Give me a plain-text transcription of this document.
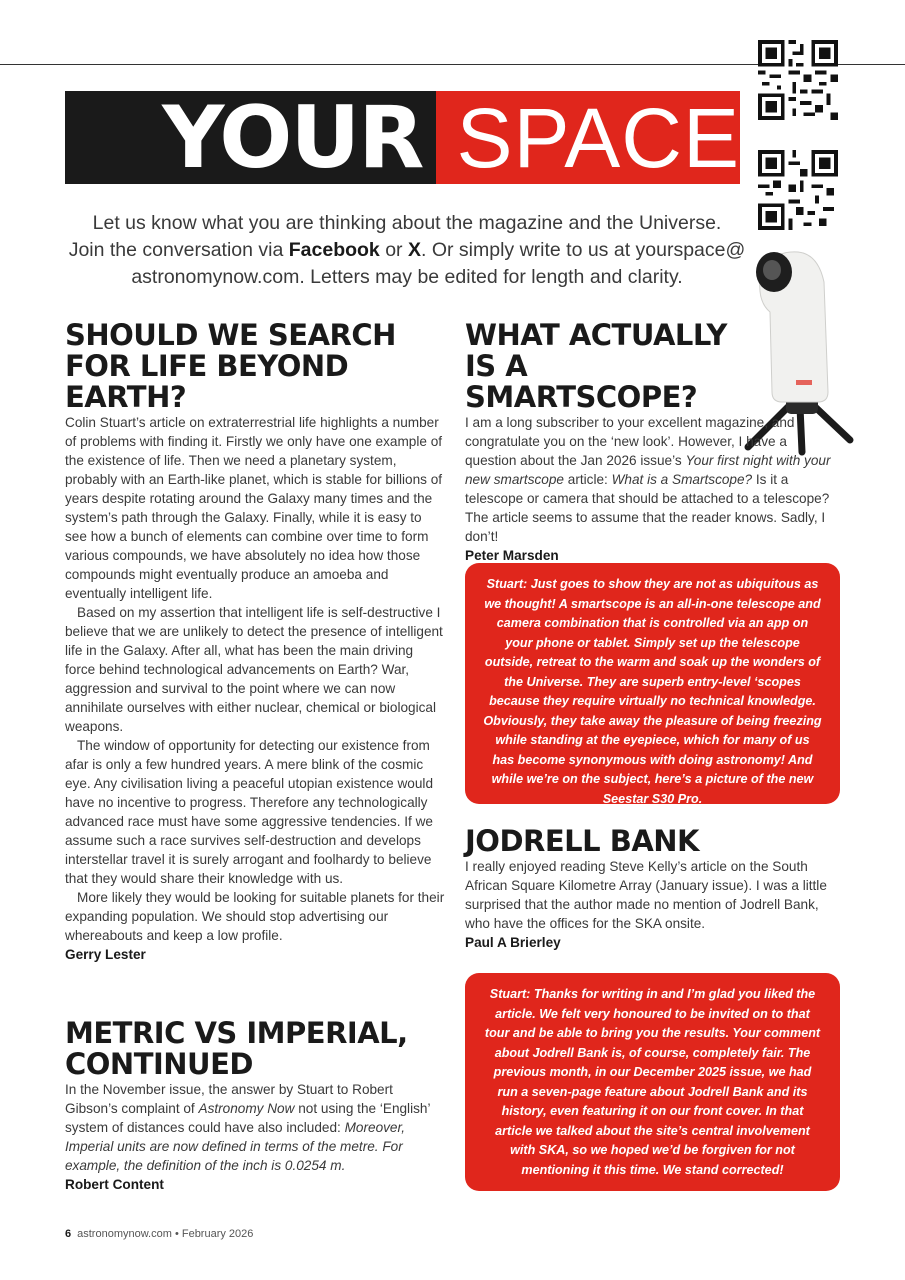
YOUR SPACE
Let us know what you are thinking about the magazine and the Universe.
Join the conversation via Facebook or X. Or simply write to us at yourspace@
astronomynow.com. Letters may be edited for length and clarity.
SHOULD WE SEARCH FOR LIFE BEYOND EARTH?

Colin Stuart’s article on extraterrestrial life highlights a number of problems with finding it. Firstly we only have one example of the existence of life. Then we need a planetary system, probably with an Earth-like planet, which is stable for billions of years despite rotating around the Galaxy many times and the system’s path through the Galaxy. Finally, while it is easy to see how a bunch of elements can combine over time to form various compounds, we have absolutely no idea how those compounds might eventually produce an amoeba and eventually intelligent life.

Based on my assertion that intelligent life is self-destructive I believe that we are unlikely to detect the presence of intelligent life in the Galaxy. After all, what has been the main driving force behind technological advancements on Earth? War, aggression and survival to the point where we can now annihilate ourselves with either nuclear, chemical or biological weapons.

The window of opportunity for detecting our existence from afar is only a few hundred years. A mere blink of the cosmic eye. Any civilisation living a peaceful utopian existence would have no incentive to progress. Therefore any technologically advanced race must have some aggressive tendencies. If we assume such a race survives self-destruction and develops interstellar travel it is surely arrogant and foolhardy to believe that they would share their knowledge with us.

More likely they would be looking for suitable planets for their expanding population. We should stop advertising our whereabouts and keep a low profile.

Gerry Lester

METRIC VS IMPERIAL, CONTINUED

In the November issue, the answer by Stuart to Robert Gibson’s complaint of Astronomy Now not using the ‘English’ system of distances could have also included: Moreover, Imperial units are now defined in terms of the metre. For example, the definition of the inch is 0.0254 m.

Robert Content

WHAT ACTUALLY IS A SMARTSCOPE?

I am a long subscriber to your excellent magazine, and congratulate you on the ‘new look’. However, I have a question about the Jan 2026 issue’s Your first night with your new smartscope article: What is a Smartscope? Is it a telescope or camera that should be attached to a telescope? The article seems to assume that the reader knows. Sadly, I don’t!

Peter Marsden

Stuart: Just goes to show they are not as ubiquitous as we thought! A smartscope is an all-in-one telescope and camera combination that is controlled via an app on your phone or tablet. Simply set up the telescope outside, retreat to the warm and soak up the wonders of the Universe. They are superb entry-level ‘scopes because they require virtually no technical knowledge. Obviously, they take away the pleasure of being freezing while standing at the eyepiece, which for many of us has become synonymous with doing astronomy! And while we’re on the subject, here’s a picture of the new Seestar S30 Pro.
JODRELL BANK

I really enjoyed reading Steve Kelly’s article on the South African Square Kilometre Array (January issue). I was a little surprised that the author made no mention of Jodrell Bank, who have the offices for the SKA onsite.

Paul A Brierley

Stuart: Thanks for writing in and I’m glad you liked the article. We felt very honoured to be invited on to that tour and be able to bring you the results. Your comment about Jodrell Bank is, of course, completely fair. The previous month, in our December 2025 issue, we had run a seven-page feature about Jodrell Bank and its history, even featuring it on our front cover. In that article we talked about the site’s central involvement with SKA, so we hoped we’d be forgiven for not mentioning it this time. We stand corrected!
6 astronomynow.com • February 2026
